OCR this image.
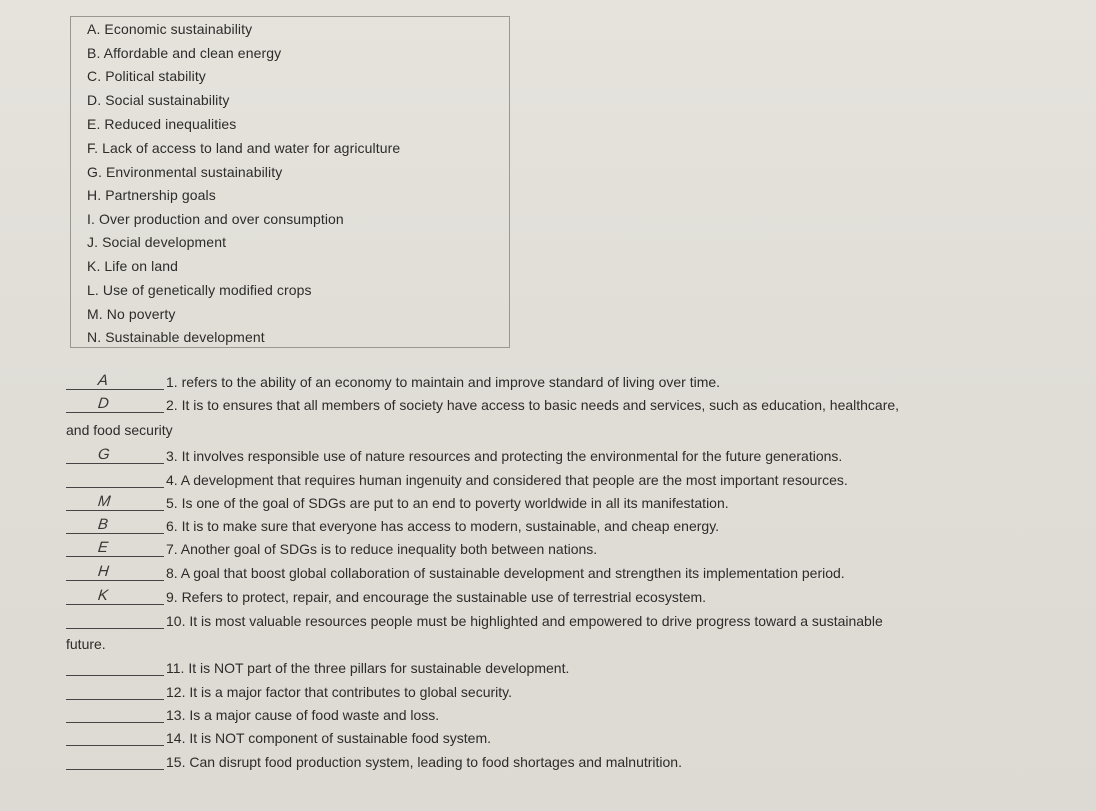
A. Economic sustainability
B. Affordable and clean energy
C. Political stability
D. Social sustainability
E. Reduced inequalities
F. Lack of access to land and water for agriculture
G. Environmental sustainability
H. Partnership goals
I. Over production and over consumption
J. Social development
K. Life on land
L. Use of genetically modified crops
M. No poverty
N. Sustainable development
A	1. refers to the ability of an economy to maintain and improve standard of living over time.
D	2. It is to ensures that all members of society have access to basic needs and services, such as education, healthcare,
and food security
G	3. It involves responsible use of nature resources and protecting the environmental for the future generations.
4. A development that requires human ingenuity and considered that people are the most important resources.
M	5. Is one of the goal of SDGs are put to an end to poverty worldwide in all its manifestation.
B	6. It is to make sure that everyone has access to modern, sustainable, and cheap energy.
E	7. Another goal of SDGs is to reduce inequality both between nations.
H	8. A goal that boost global collaboration of sustainable development and strengthen its implementation period.
K	9. Refers to protect, repair, and encourage the sustainable use of terrestrial ecosystem.
10. It is most valuable resources people must be highlighted and empowered to drive progress toward a sustainable
future.
11. It is NOT part of the three pillars for sustainable development.
12. It is a major factor that contributes to global security.
13. Is a major cause of food waste and loss.
14. It is NOT component of sustainable food system.
15. Can disrupt food production system, leading to food shortages and malnutrition.
